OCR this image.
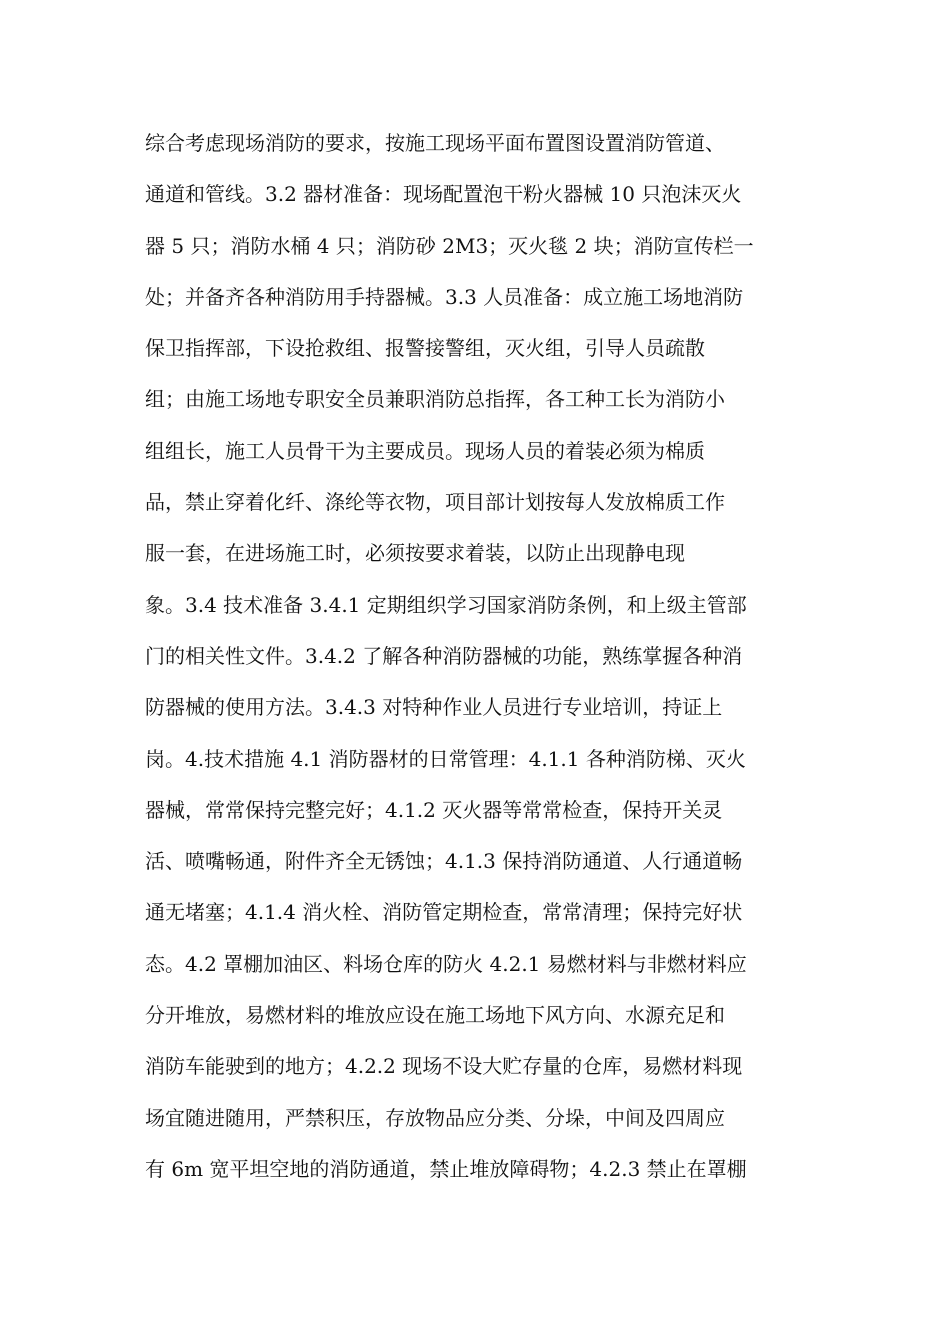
综合考虑现场消防的要求，按施工现场平面布置图设置消防管道、
通道和管线。3.2 器材准备：现场配置泡干粉火器械 10 只泡沫灭火
器 5 只；消防水桶 4 只；消防砂 2M3；灭火毯 2 块；消防宣传栏一
处；并备齐各种消防用手持器械。3.3 人员准备：成立施工场地消防
保卫指挥部，下设抢救组、报警接警组，灭火组，引导人员疏散
组；由施工场地专职安全员兼职消防总指挥，各工种工长为消防小
组组长，施工人员骨干为主要成员。现场人员的着装必须为棉质
品，禁止穿着化纤、涤纶等衣物，项目部计划按每人发放棉质工作
服一套，在进场施工时，必须按要求着装，以防止出现静电现
象。3.4 技术准备 3.4.1 定期组织学习国家消防条例，和上级主管部
门的相关性文件。3.4.2 了解各种消防器械的功能，熟练掌握各种消
防器械的使用方法。3.4.3 对特种作业人员进行专业培训，持证上
岗。4.技术措施 4.1 消防器材的日常管理：4.1.1 各种消防梯、灭火
器械，常常保持完整完好；4.1.2 灭火器等常常检查，保持开关灵
活、喷嘴畅通，附件齐全无锈蚀；4.1.3 保持消防通道、人行通道畅
通无堵塞；4.1.4 消火栓、消防管定期检查，常常清理；保持完好状
态。4.2 罩棚加油区、料场仓库的防火 4.2.1 易燃材料与非燃材料应
分开堆放，易燃材料的堆放应设在施工场地下风方向、水源充足和
消防车能驶到的地方；4.2.2 现场不设大贮存量的仓库，易燃材料现
场宜随进随用，严禁积压，存放物品应分类、分垛，中间及四周应
有 6m 宽平坦空地的消防通道，禁止堆放障碍物；4.2.3 禁止在罩棚
